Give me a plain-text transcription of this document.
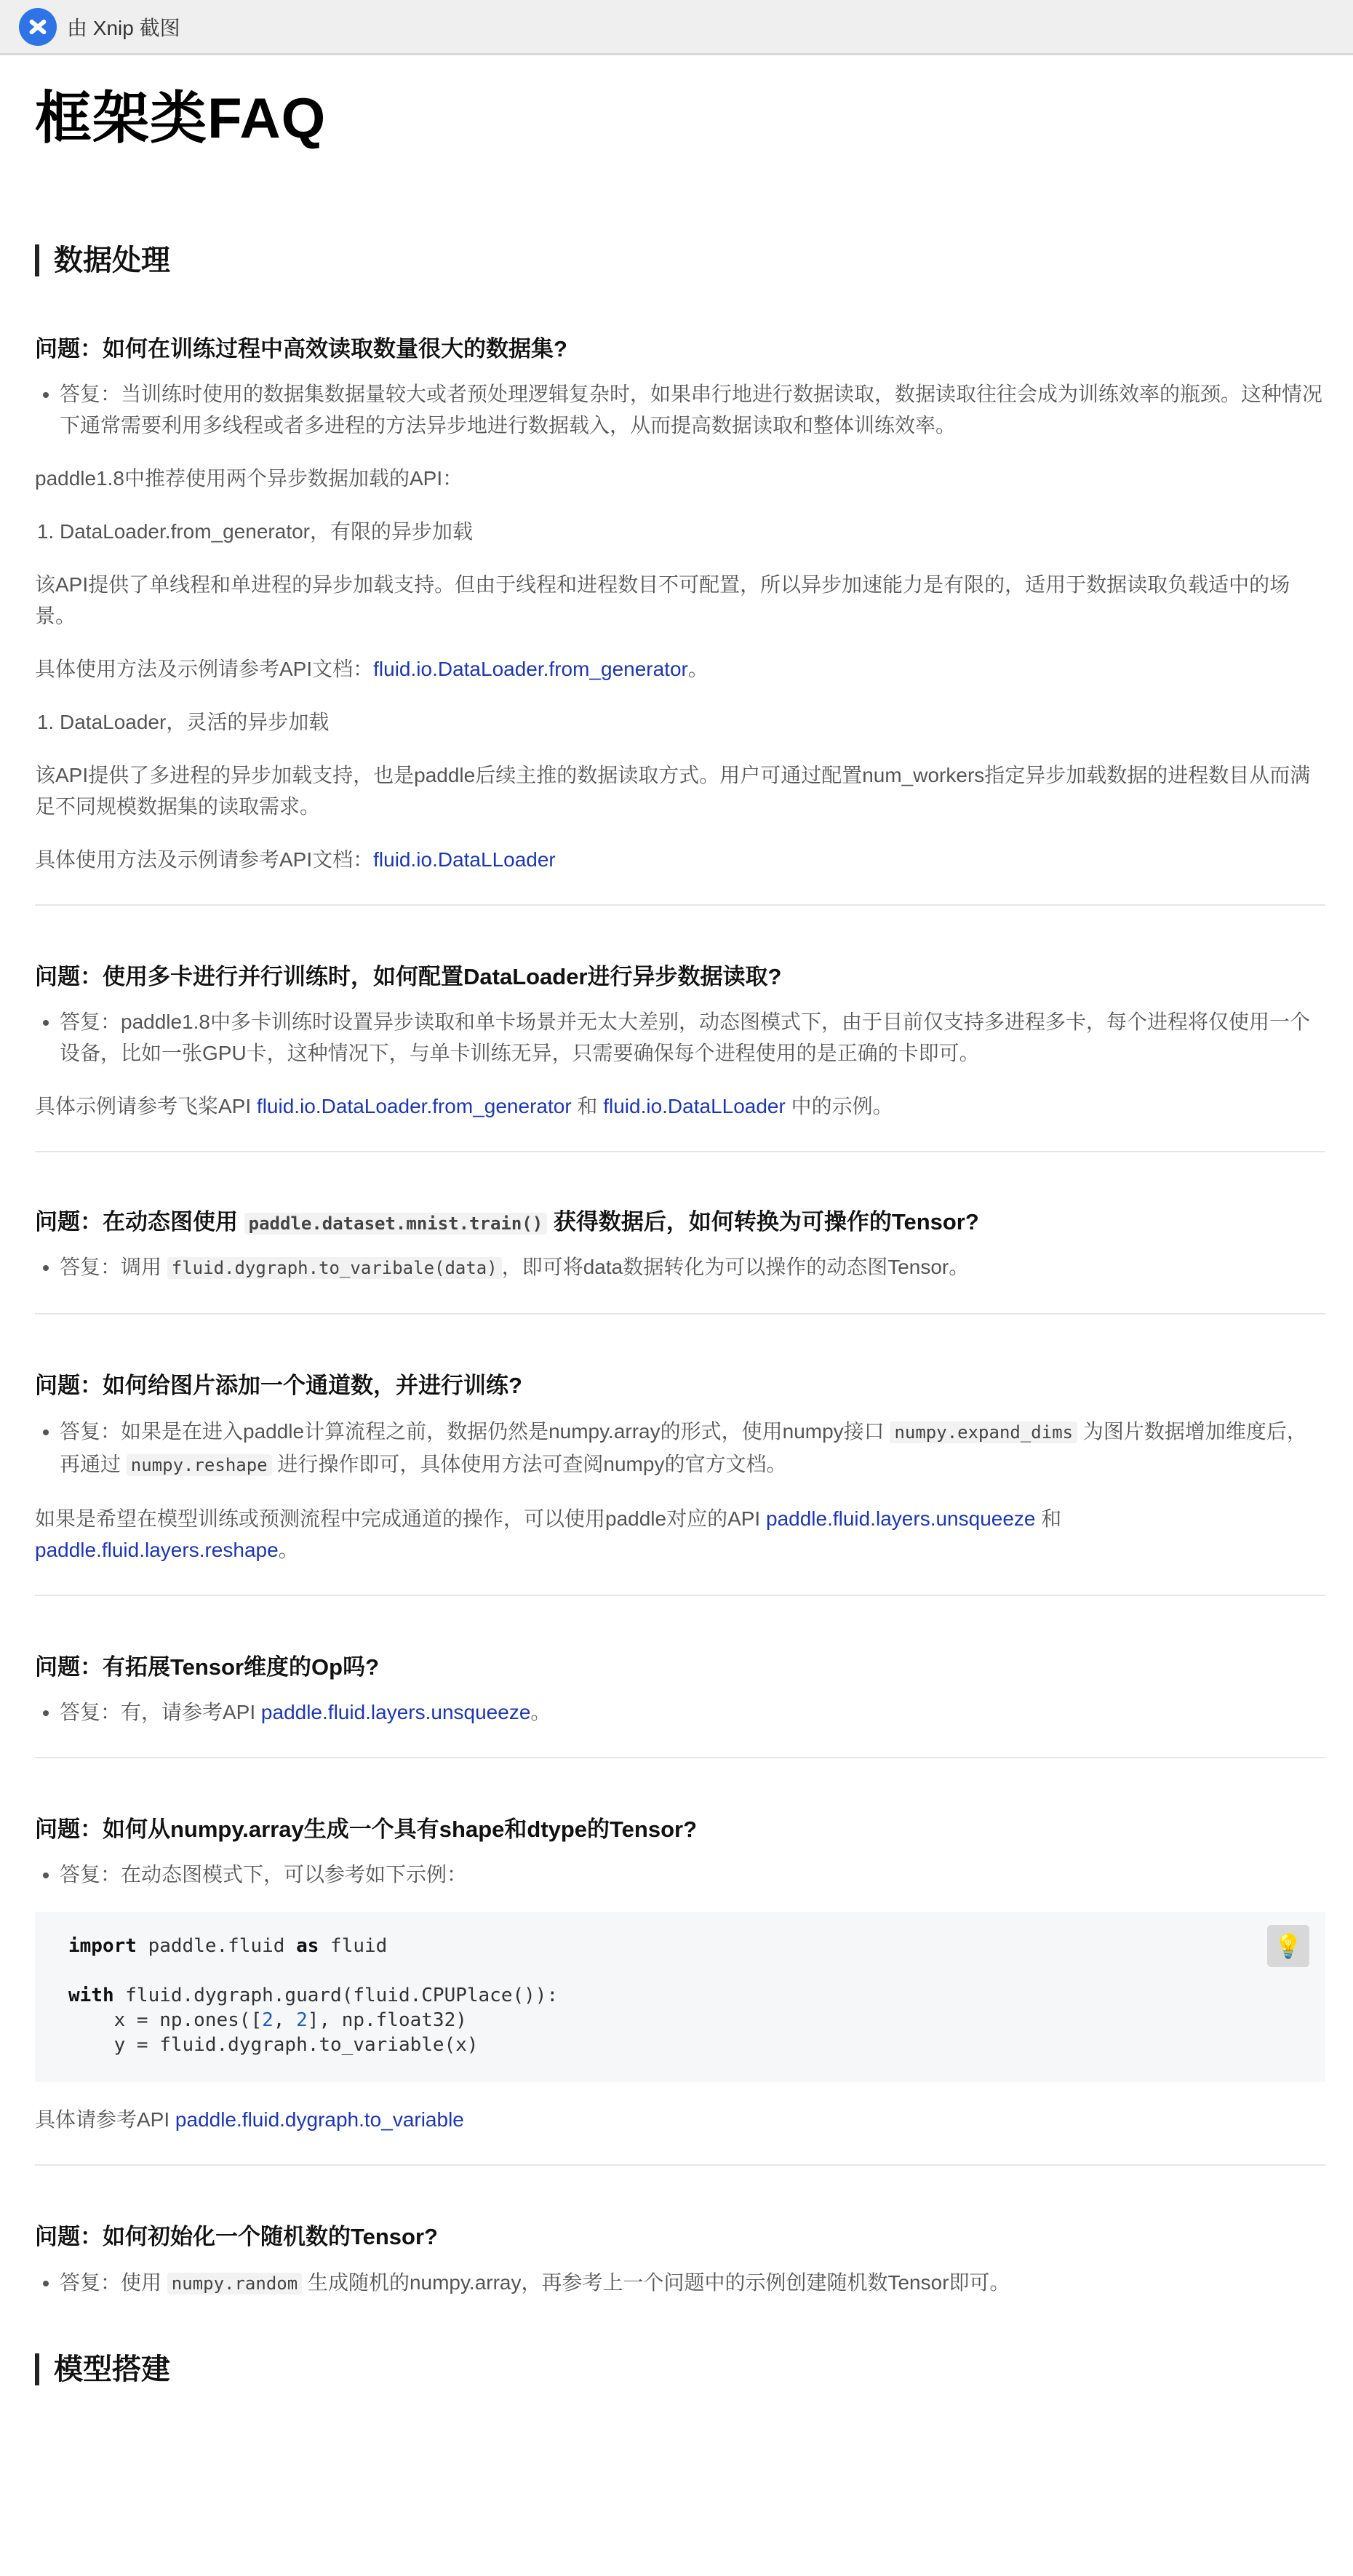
由 Xnip 截图
框架类FAQ
数据处理
问题：如何在训练过程中高效读取数量很大的数据集?
• 答复：当训练时使用的数据集数据量较大或者预处理逻辑复杂时，如果串行地进行数据读取，数据读取往往会成为训练效率的瓶颈。这种情况下通常需要利用多线程或者多进程的方法异步地进行数据载入，从而提高数据读取和整体训练效率。

paddle1.8中推荐使用两个异步数据加载的API：

1. DataLoader.from_generator，有限的异步加载

该API提供了单线程和单进程的异步加载支持。但由于线程和进程数目不可配置，所以异步加速能力是有限的，适用于数据读取负载适中的场景。

具体使用方法及示例请参考API文档：fluid.io.DataLoader.from_generator。

1. DataLoader，灵活的异步加载

该API提供了多进程的异步加载支持，也是paddle后续主推的数据读取方式。用户可通过配置num_workers指定异步加载数据的进程数目从而满足不同规模数据集的读取需求。

具体使用方法及示例请参考API文档：fluid.io.DataLLoader

问题：使用多卡进行并行训练时，如何配置DataLoader进行异步数据读取?
• 答复：paddle1.8中多卡训练时设置异步读取和单卡场景并无太大差别，动态图模式下，由于目前仅支持多进程多卡，每个进程将仅使用一个设备，比如一张GPU卡，这种情况下，与单卡训练无异，只需要确保每个进程使用的是正确的卡即可。

具体示例请参考飞桨API fluid.io.DataLoader.from_generator 和 fluid.io.DataLLoader 中的示例。

问题：在动态图使用 paddle.dataset.mnist.train() 获得数据后，如何转换为可操作的Tensor?
• 答复：调用 fluid.dygraph.to_varibale(data) ，即可将data数据转化为可以操作的动态图Tensor。
问题：如何给图片添加一个通道数，并进行训练?
• 答复：如果是在进入paddle计算流程之前，数据仍然是numpy.array的形式，使用numpy接口 numpy.expand_dims 为图片数据增加维度后，再通过 numpy.reshape 进行操作即可，具体使用方法可查阅numpy的官方文档。

如果是希望在模型训练或预测流程中完成通道的操作，可以使用paddle对应的API paddle.fluid.layers.unsqueeze 和 paddle.fluid.layers.reshape。

问题：有拓展Tensor维度的Op吗?
• 答复：有，请参考API paddle.fluid.layers.unsqueeze。
问题：如何从numpy.array生成一个具有shape和dtype的Tensor?
• 答复：在动态图模式下，可以参考如下示例：
💡
import paddle.fluid as fluid
with fluid.dygraph.guard(fluid.CPUPlace()):
x = np.ones([2, 2], np.float32)
y = fluid.dygraph.to_variable(x)

具体请参考API paddle.fluid.dygraph.to_variable

问题：如何初始化一个随机数的Tensor?
• 答复：使用 numpy.random 生成随机的numpy.array，再参考上一个问题中的示例创建随机数Tensor即可。
模型搭建
